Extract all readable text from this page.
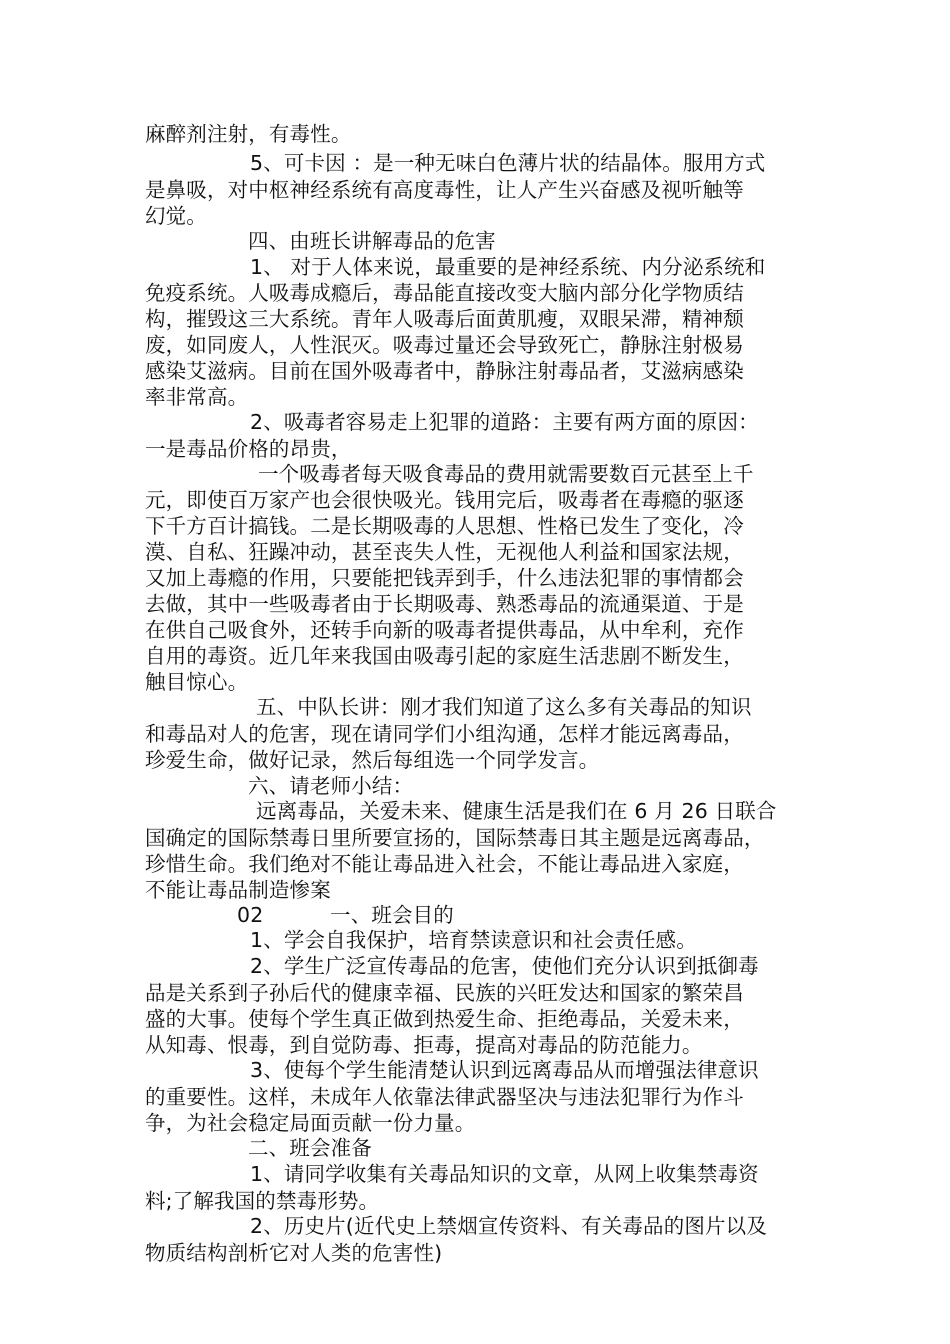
麻醉剂注射，有毒性。
5、可卡因 ：是一种无味白色薄片状的结晶体。服用方式
是鼻吸，对中枢神经系统有高度毒性，让人产生兴奋感及视听触等
幻觉。
四、由班长讲解毒品的危害
1、 对于人体来说，最重要的是神经系统、内分泌系统和
免疫系统。人吸毒成瘾后，毒品能直接改变大脑内部分化学物质结
构，摧毁这三大系统。青年人吸毒后面黄肌瘦，双眼呆滞，精神颓
废，如同废人，人性泯灭。吸毒过量还会导致死亡，静脉注射极易
感染艾滋病。目前在国外吸毒者中，静脉注射毒品者，艾滋病感染
率非常高。
2、吸毒者容易走上犯罪的道路：主要有两方面的原因：
一是毒品价格的昂贵，
一个吸毒者每天吸食毒品的费用就需要数百元甚至上千
元，即使百万家产也会很快吸光。钱用完后，吸毒者在毒瘾的驱逐
下千方百计搞钱。二是长期吸毒的人思想、性格已发生了变化，冷
漠、自私、狂躁冲动，甚至丧失人性，无视他人利益和国家法规，
又加上毒瘾的作用，只要能把钱弄到手，什么违法犯罪的事情都会
去做，其中一些吸毒者由于长期吸毒、熟悉毒品的流通渠道、于是
在供自己吸食外，还转手向新的吸毒者提供毒品，从中牟利，充作
自用的毒资。近几年来我国由吸毒引起的家庭生活悲剧不断发生，
触目惊心。
五、中队长讲：刚才我们知道了这么多有关毒品的知识
和毒品对人的危害，现在请同学们小组沟通，怎样才能远离毒品，
珍爱生命，做好记录，然后每组选一个同学发言。
六、请老师小结：
远离毒品，关爱未来、健康生活是我们在 6 月 26 日联合
国确定的国际禁毒日里所要宣扬的，国际禁毒日其主题是远离毒品，
珍惜生命。我们绝对不能让毒品进入社会，不能让毒品进入家庭，
不能让毒品制造惨案
02          一、班会目的
1、学会自我保护，培育禁读意识和社会责任感。
2、学生广泛宣传毒品的危害，使他们充分认识到抵御毒
品是关系到子孙后代的健康幸福、民族的兴旺发达和国家的繁荣昌
盛的大事。使每个学生真正做到热爱生命、拒绝毒品，关爱未来，
从知毒、恨毒，到自觉防毒、拒毒，提高对毒品的防范能力。
3、使每个学生能清楚认识到远离毒品从而增强法律意识
的重要性。这样，未成年人依靠法律武器坚决与违法犯罪行为作斗
争，为社会稳定局面贡献一份力量。
二、班会准备
1、请同学收集有关毒品知识的文章，从网上收集禁毒资
料;了解我国的禁毒形势。
2、历史片(近代史上禁烟宣传资料、有关毒品的图片以及
物质结构剖析它对人类的危害性)
